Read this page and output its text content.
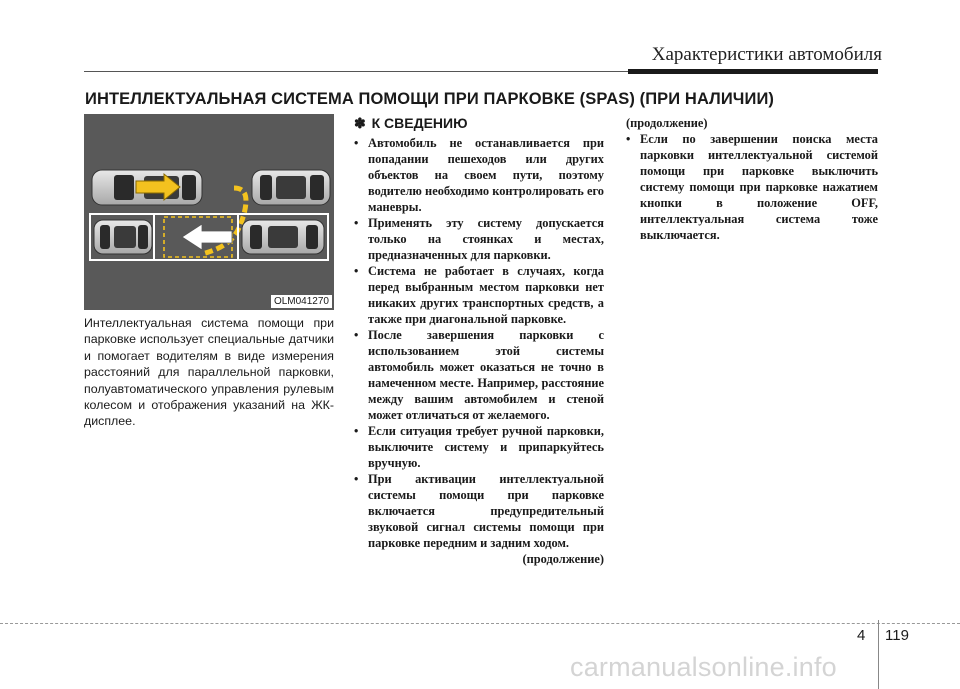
Характеристики автомобиля
ИНТЕЛЛЕКТУАЛЬНАЯ СИСТЕМА ПОМОЩИ ПРИ ПАРКОВКЕ (SPAS) (ПРИ НАЛИЧИИ)
OLM041270
Интеллектуальная система помощи при парковке использует специальные датчики и помогает водителям в виде измерения расстояний для параллельной парковки, полуавтоматического управления рулевым колесом и отображения указаний на ЖК-дисплее.
✽ К СВЕДЕНИЮ
• Автомобиль не останавливается при попадании пешеходов или других объектов на своем пути, поэтому водителю необходимо контролировать его маневры.
• Применять эту систему допускается только на стоянках и местах, предназначенных для парковки.
• Система не работает в случаях, когда перед выбранным местом парковки нет никаких других транспортных средств, а также при диагональной парковке.
• После завершения парковки с использованием этой системы автомобиль может оказаться не точно в намеченном месте. Например, расстояние между вашим автомобилем и стеной может отличаться от желаемого.
• Если ситуация требует ручной парковки, выключите систему и припаркуйтесь вручную.
• При активации интеллектуальной системы помощи при парковке включается предупредительный звуковой сигнал системы помощи при парковке передним и задним ходом.
(продолжение)
(продолжение)
• Если по завершении поиска места парковки интеллектуальной системой помощи при парковке выключить систему помощи при парковке нажатием кнопки в положение OFF, интеллектуальная система тоже выключается.
4 119
carmanualsonline.info
